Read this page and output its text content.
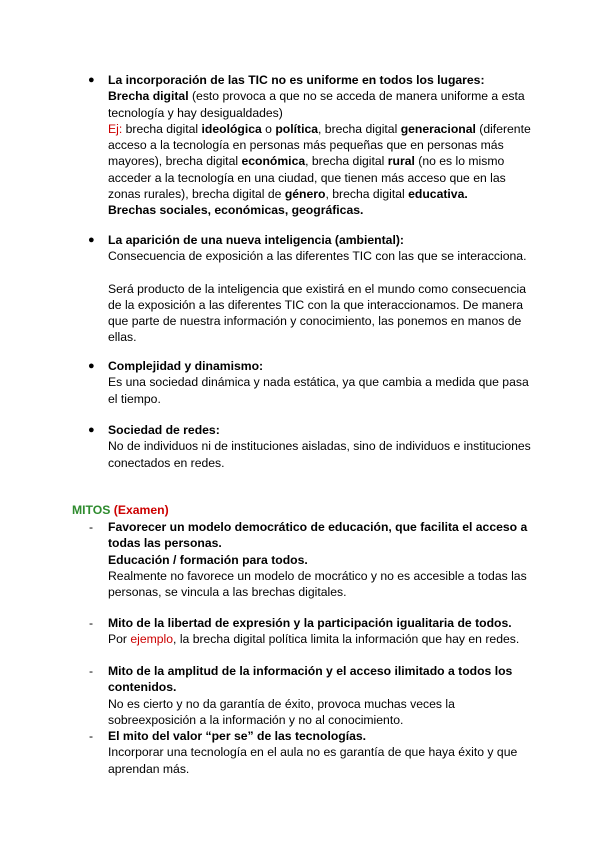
● La incorporación de las TIC no es uniforme en todos los lugares:

Brecha digital (esto provoca a que no se acceda de manera uniforme a esta tecnología y hay desigualdades)

Ej: brecha digital ideológica o política, brecha digital generacional (diferente acceso a la tecnología en personas más pequeñas que en personas más mayores), brecha digital económica, brecha digital rural (no es lo mismo acceder a la tecnología en una ciudad, que tienen más acceso que en las zonas rurales), brecha digital de género, brecha digital educativa.

Brechas sociales, económicas, geográficas.

● La aparición de una nueva inteligencia (ambiental):

Consecuencia de exposición a las diferentes TIC con las que se interacciona.

Será producto de la inteligencia que existirá en el mundo como consecuencia de la exposición a las diferentes TIC con la que interaccionamos. De manera que parte de nuestra información y conocimiento, las ponemos en manos de ellas.

● Complejidad y dinamismo:

Es una sociedad dinámica y nada estática, ya que cambia a medida que pasa el tiempo.

● Sociedad de redes:

No de individuos ni de instituciones aisladas, sino de individuos e instituciones conectados en redes.

MITOS (Examen)
- Favorecer un modelo democrático de educación, que facilita el acceso a todas las personas.

Educación / formación para todos.

Realmente no favorece un modelo de mocrático y no es accesible a todas las personas, se vincula a las brechas digitales.

- Mito de la libertad de expresión y la participación igualitaria de todos.

Por ejemplo, la brecha digital política limita la información que hay en redes.

- Mito de la amplitud de la información y el acceso ilimitado a todos los contenidos.

No es cierto y no da garantía de éxito, provoca muchas veces la sobreexposición a la información y no al conocimiento.

- El mito del valor “per se” de las tecnologías.

Incorporar una tecnología en el aula no es garantía de que haya éxito y que aprendan más.
